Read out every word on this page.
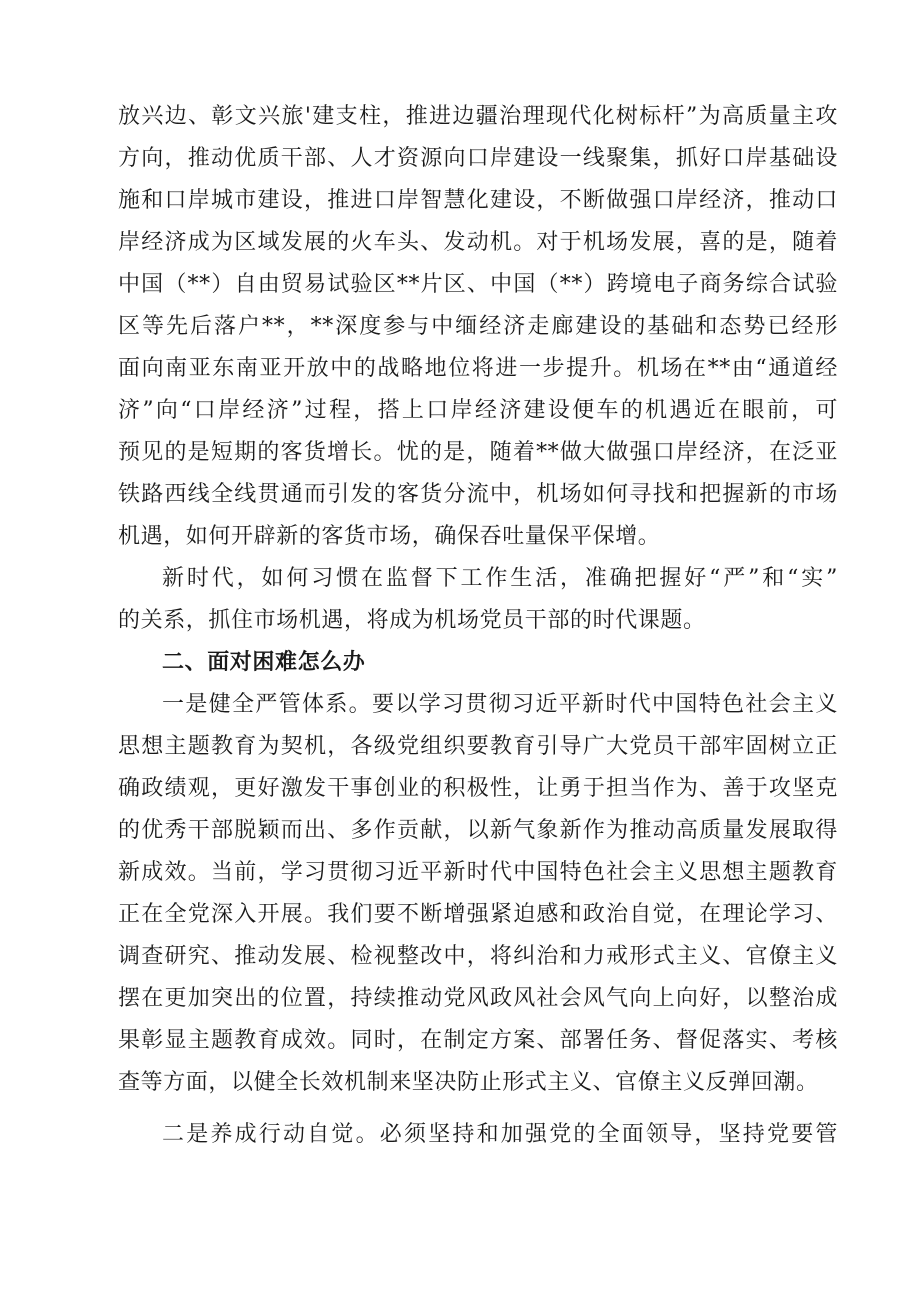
放兴边、彰文兴旅'建支柱，推进边疆治理现代化树标杆”为高质量主攻
方向，推动优质干部、人才资源向口岸建设一线聚集，抓好口岸基础设
施和口岸城市建设，推进口岸智慧化建设，不断做强口岸经济，推动口
岸经济成为区域发展的火车头、发动机。对于机场发展，喜的是，随着
中国（**）自由贸易试验区**片区、中国（**）跨境电子商务综合试验
区等先后落户**，**深度参与中缅经济走廊建设的基础和态势已经形
面向南亚东南亚开放中的战略地位将进一步提升。机场在**由“通道经
济”向“口岸经济”过程，搭上口岸经济建设便车的机遇近在眼前，可
预见的是短期的客货增长。忧的是，随着**做大做强口岸经济，在泛亚
铁路西线全线贯通而引发的客货分流中，机场如何寻找和把握新的市场
机遇，如何开辟新的客货市场，确保吞吐量保平保增。
新时代，如何习惯在监督下工作生活，准确把握好“严”和“实”
的关系，抓住市场机遇，将成为机场党员干部的时代课题。
二、面对困难怎么办
一是健全严管体系。要以学习贯彻习近平新时代中国特色社会主义
思想主题教育为契机，各级党组织要教育引导广大党员干部牢固树立正
确政绩观，更好激发干事创业的积极性，让勇于担当作为、善于攻坚克
的优秀干部脱颖而出、多作贡献，以新气象新作为推动高质量发展取得
新成效。当前，学习贯彻习近平新时代中国特色社会主义思想主题教育
正在全党深入开展。我们要不断增强紧迫感和政治自觉，在理论学习、
调查研究、推动发展、检视整改中，将纠治和力戒形式主义、官僚主义
摆在更加突出的位置，持续推动党风政风社会风气向上向好，以整治成
果彰显主题教育成效。同时，在制定方案、部署任务、督促落实、考核
查等方面，以健全长效机制来坚决防止形式主义、官僚主义反弹回潮。
二是养成行动自觉。必须坚持和加强党的全面领导，坚持党要管
